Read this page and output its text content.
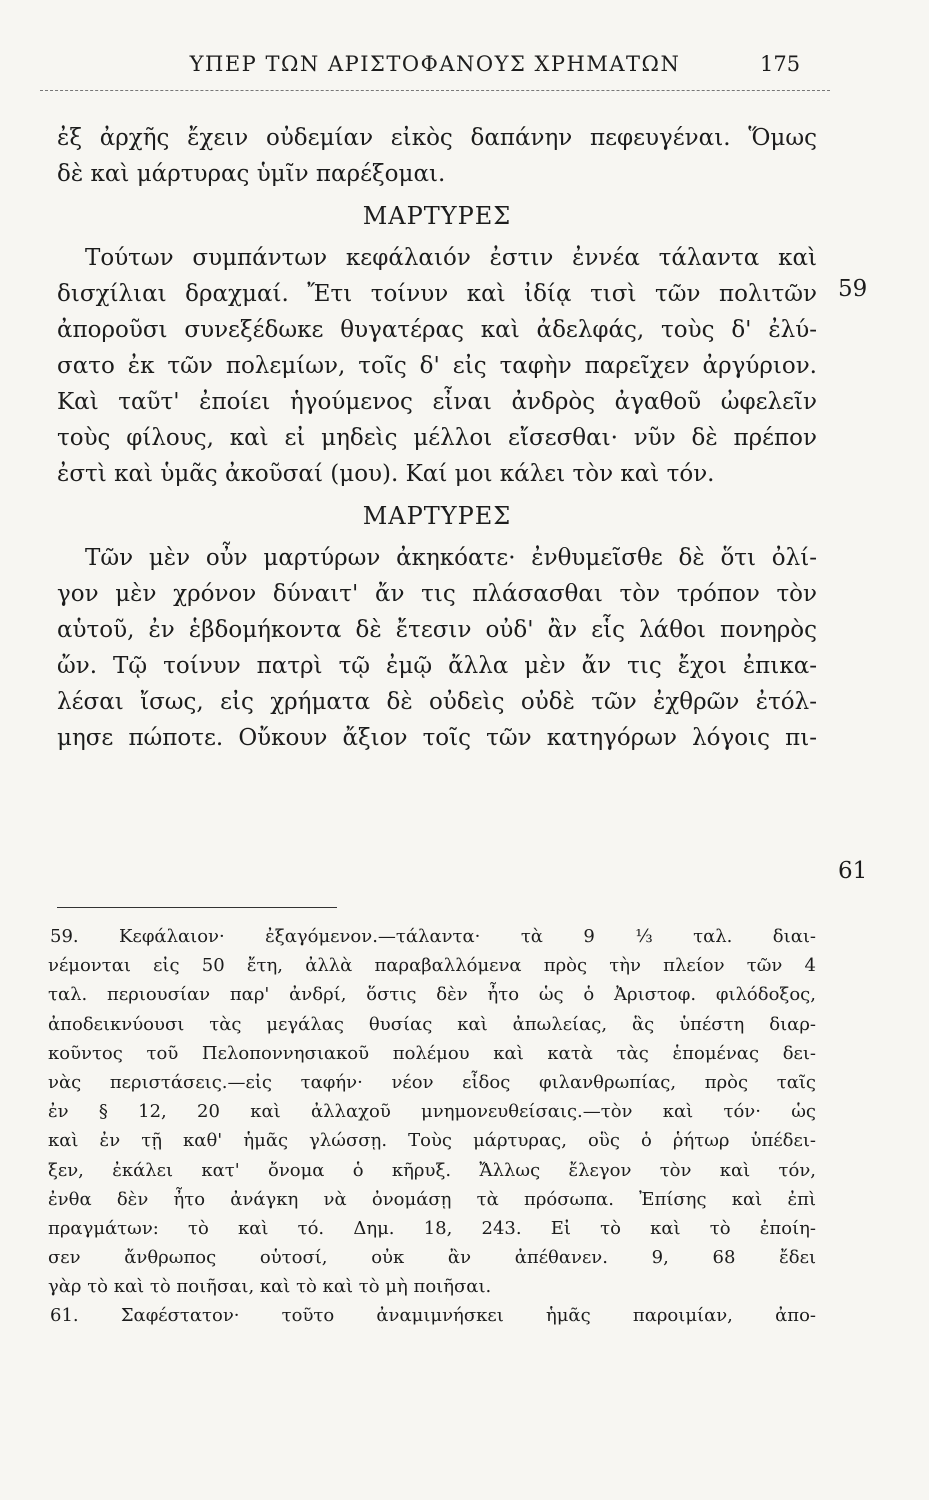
ΥΠΕΡ ΤΩΝ ΑΡΙΣΤΟΦΑΝΟΥΣ ΧΡΗΜΑΤΩΝ	175
ἐξ ἀρχῆς ἔχειν οὐδεμίαν εἰκὸς δαπάνην πεφευγέναι. Ὅμως
δὲ καὶ μάρτυρας ὑμῖν παρέξομαι.
ΜΑΡΤΥΡΕΣ
Τούτων συμπάντων κεφάλαιόν ἐστιν ἐννέα τάλαντα καὶ
δισχίλιαι δραχμαί. Ἔτι τοίνυν καὶ ἰδίᾳ τισὶ τῶν πολιτῶν
ἀποροῦσι συνεξέδωκε θυγατέρας καὶ ἀδελφάς, τοὺς δ' ἐλύ-
σατο ἐκ τῶν πολεμίων, τοῖς δ' εἰς ταφὴν παρεῖχεν ἀργύριον.
Καὶ ταῦτ' ἐποίει ἡγούμενος εἶναι ἀνδρὸς ἀγαθοῦ ὠφελεῖν
τοὺς φίλους, καὶ εἰ μηδεὶς μέλλοι εἴσεσθαι· νῦν δὲ πρέπον
ἐστὶ καὶ ὑμᾶς ἀκοῦσαί (μου). Καί μοι κάλει τὸν καὶ τόν.
ΜΑΡΤΥΡΕΣ
Τῶν μὲν οὖν μαρτύρων ἀκηκόατε· ἐνθυμεῖσθε δὲ ὅτι ὀλί-
γον μὲν χρόνον δύναιτ' ἄν τις πλάσασθαι τὸν τρόπον τὸν
αὑτοῦ, ἐν ἑβδομήκοντα δὲ ἔτεσιν οὐδ' ἂν εἷς λάθοι πονηρὸς
ὤν. Τῷ τοίνυν πατρὶ τῷ ἐμῷ ἄλλα μὲν ἄν τις ἔχοι ἐπικα-
λέσαι ἴσως, εἰς χρήματα δὲ οὐδεὶς οὐδὲ τῶν ἐχθρῶν ἐτόλ-
μησε πώποτε. Οὔκουν ἄξιον τοῖς τῶν κατηγόρων λόγοις πι-
59
61
59. Κεφάλαιον· ἐξαγόμενον.—τάλαντα· τὰ 9 ⅓ ταλ. διαι-
νέμονται εἰς 50 ἔτη, ἀλλὰ παραβαλλόμενα πρὸς τὴν πλείον τῶν 4
ταλ. περιουσίαν παρ' ἀνδρί, ὅστις δὲν ἦτο ὡς ὁ Ἀριστοφ. φιλόδοξος,
ἀποδεικνύουσι τὰς μεγάλας θυσίας καὶ ἀπωλείας, ἃς ὑπέστη διαρ-
κοῦντος τοῦ Πελοποννησιακοῦ πολέμου καὶ κατὰ τὰς ἑπομένας δει-
νὰς περιστάσεις.—εἰς ταφήν· νέον εἶδος φιλανθρωπίας, πρὸς ταῖς
ἐν § 12, 20 καὶ ἀλλαχοῦ μνημονευθείσαις.—τὸν καὶ τόν· ὡς
καὶ ἐν τῇ καθ' ἡμᾶς γλώσσῃ. Τοὺς μάρτυρας, οὓς ὁ ῥήτωρ ὑπέδει-
ξεν, ἐκάλει κατ' ὄνομα ὁ κῆρυξ. Ἄλλως ἔλεγον τὸν καὶ τόν,
ἐνθα δὲν ἦτο ἀνάγκη νὰ ὀνομάσῃ τὰ πρόσωπα. Ἐπίσης καὶ ἐπὶ
πραγμάτων: τὸ καὶ τό. Δημ. 18, 243. Εἰ τὸ καὶ τὸ ἐποίη-
σεν ἄνθρωπος οὑτοσί, οὐκ ἂν ἀπέθανεν. 9, 68 ἔδει
γὰρ τὸ καὶ τὸ ποιῆσαι, καὶ τὸ καὶ τὸ μὴ ποιῆσαι.
61. Σαφέστατον· τοῦτο ἀναμιμνήσκει ἡμᾶς παροιμίαν, ἀπο-
